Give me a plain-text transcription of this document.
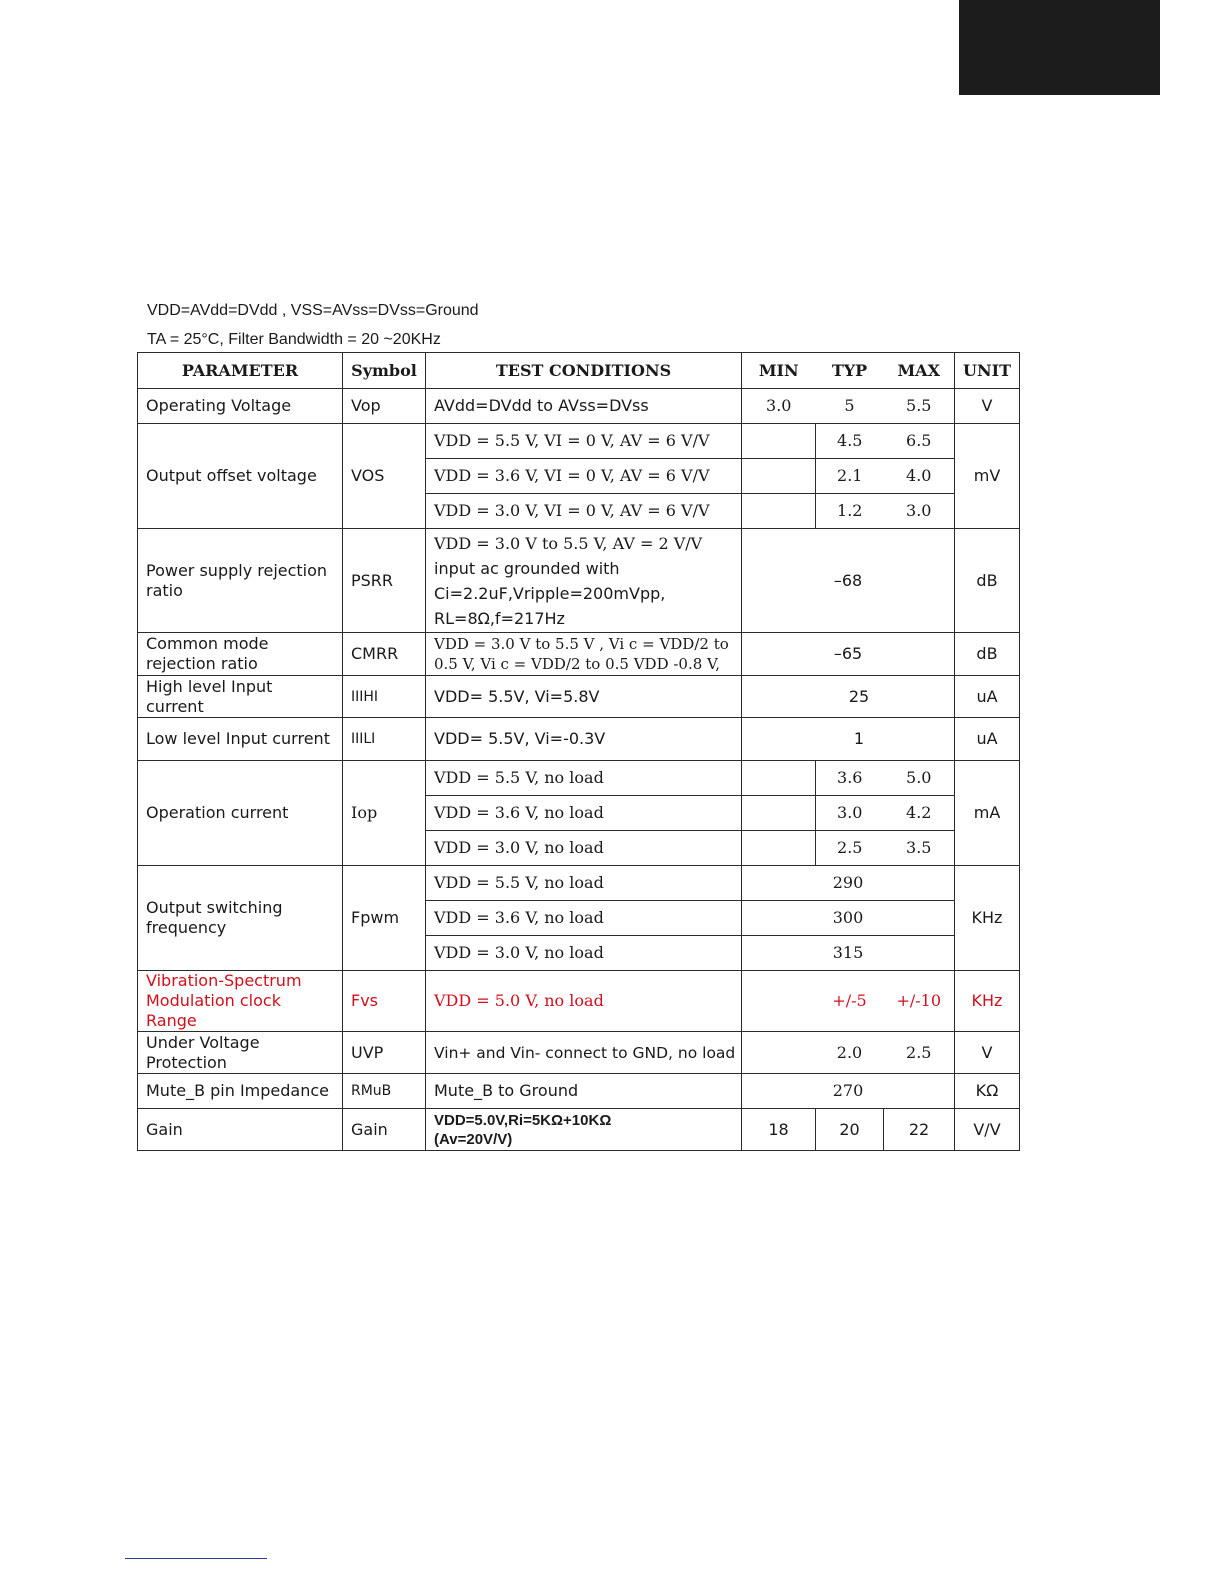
VDD=AVdd=DVdd , VSS=AVss=DVss=Ground
TA = 25°C, Filter Bandwidth = 20 ~20KHz
PARAMETER	Symbol	TEST CONDITIONS	MIN	TYP	MAX	UNIT
Operating Voltage	Vop	AVdd=DVdd to AVss=DVss	3.0	5	5.5	V
Output offset voltage	VOS	VDD = 5.5 V, VI = 0 V, AV = 6 V/V		4.5	6.5	mV
		VDD = 3.6 V, VI = 0 V, AV = 6 V/V		2.1	4.0	
		VDD = 3.0 V, VI = 0 V, AV = 6 V/V		1.2	3.0	
Power supply rejection ratio	PSRR	VDD = 3.0 V to 5.5 V, AV = 2 V/V
input ac grounded with
Ci=2.2uF,Vripple=200mVpp,
RL=8Ω,f=217Hz	–68			dB
Common mode rejection ratio	CMRR	VDD = 3.0 V to 5.5 V , Vi c = VDD/2 to
0.5 V, Vi c = VDD/2 to 0.5 VDD -0.8 V,	–65			dB
High level Input current	IIIHI	VDD= 5.5V, Vi=5.8V	25			uA
Low level Input current	IIILI	VDD= 5.5V, Vi=-0.3V	1			uA
Operation current	Iop	VDD = 5.5 V, no load		3.6	5.0	mA
		VDD = 3.6 V, no load		3.0	4.2	
		VDD = 3.0 V, no load		2.5	3.5	
Output switching frequency	Fpwm	VDD = 5.5 V, no load	290			KHz
		VDD = 3.6 V, no load	300			
		VDD = 3.0 V, no load	315			
Vibration-Spectrum Modulation clock Range	Fvs	VDD = 5.0 V, no load		+/-5	+/-10	KHz
Under Voltage Protection	UVP	Vin+ and Vin- connect to GND, no load		2.0	2.5	V
Mute_B pin Impedance	RMuB	Mute_B to Ground	270			KΩ
Gain	Gain	VDD=5.0V,Ri=5KΩ+10KΩ
(Av=20V/V)	18	20	22	V/V
